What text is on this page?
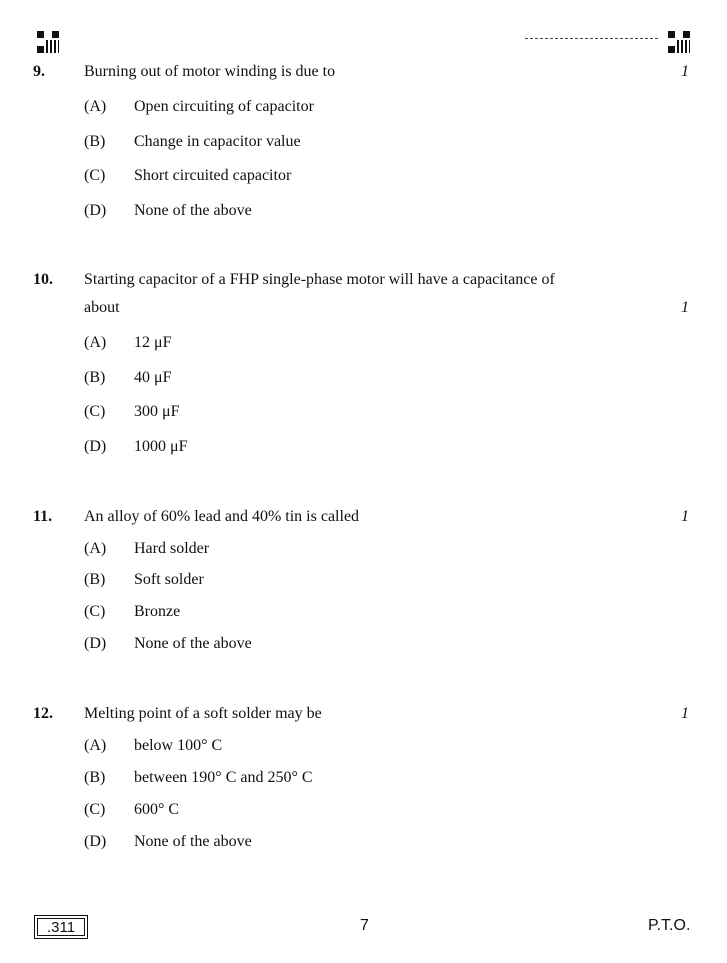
9. Burning out of motor winding is due to	1
(A) Open circuiting of capacitor
(B) Change in capacitor value
(C) Short circuited capacitor
(D) None of the above
10. Starting capacitor of a FHP single-phase motor will have a capacitance of
about	1
(A) 12 μF
(B) 40 μF
(C) 300 μF
(D) 1000 μF
11. An alloy of 60% lead and 40% tin is called	1
(A) Hard solder
(B) Soft solder
(C) Bronze
(D) None of the above
12. Melting point of a soft solder may be	1
(A) below 100° C
(B) between 190° C and 250° C
(C) 600° C
(D) None of the above
.311	7	P.T.O.
